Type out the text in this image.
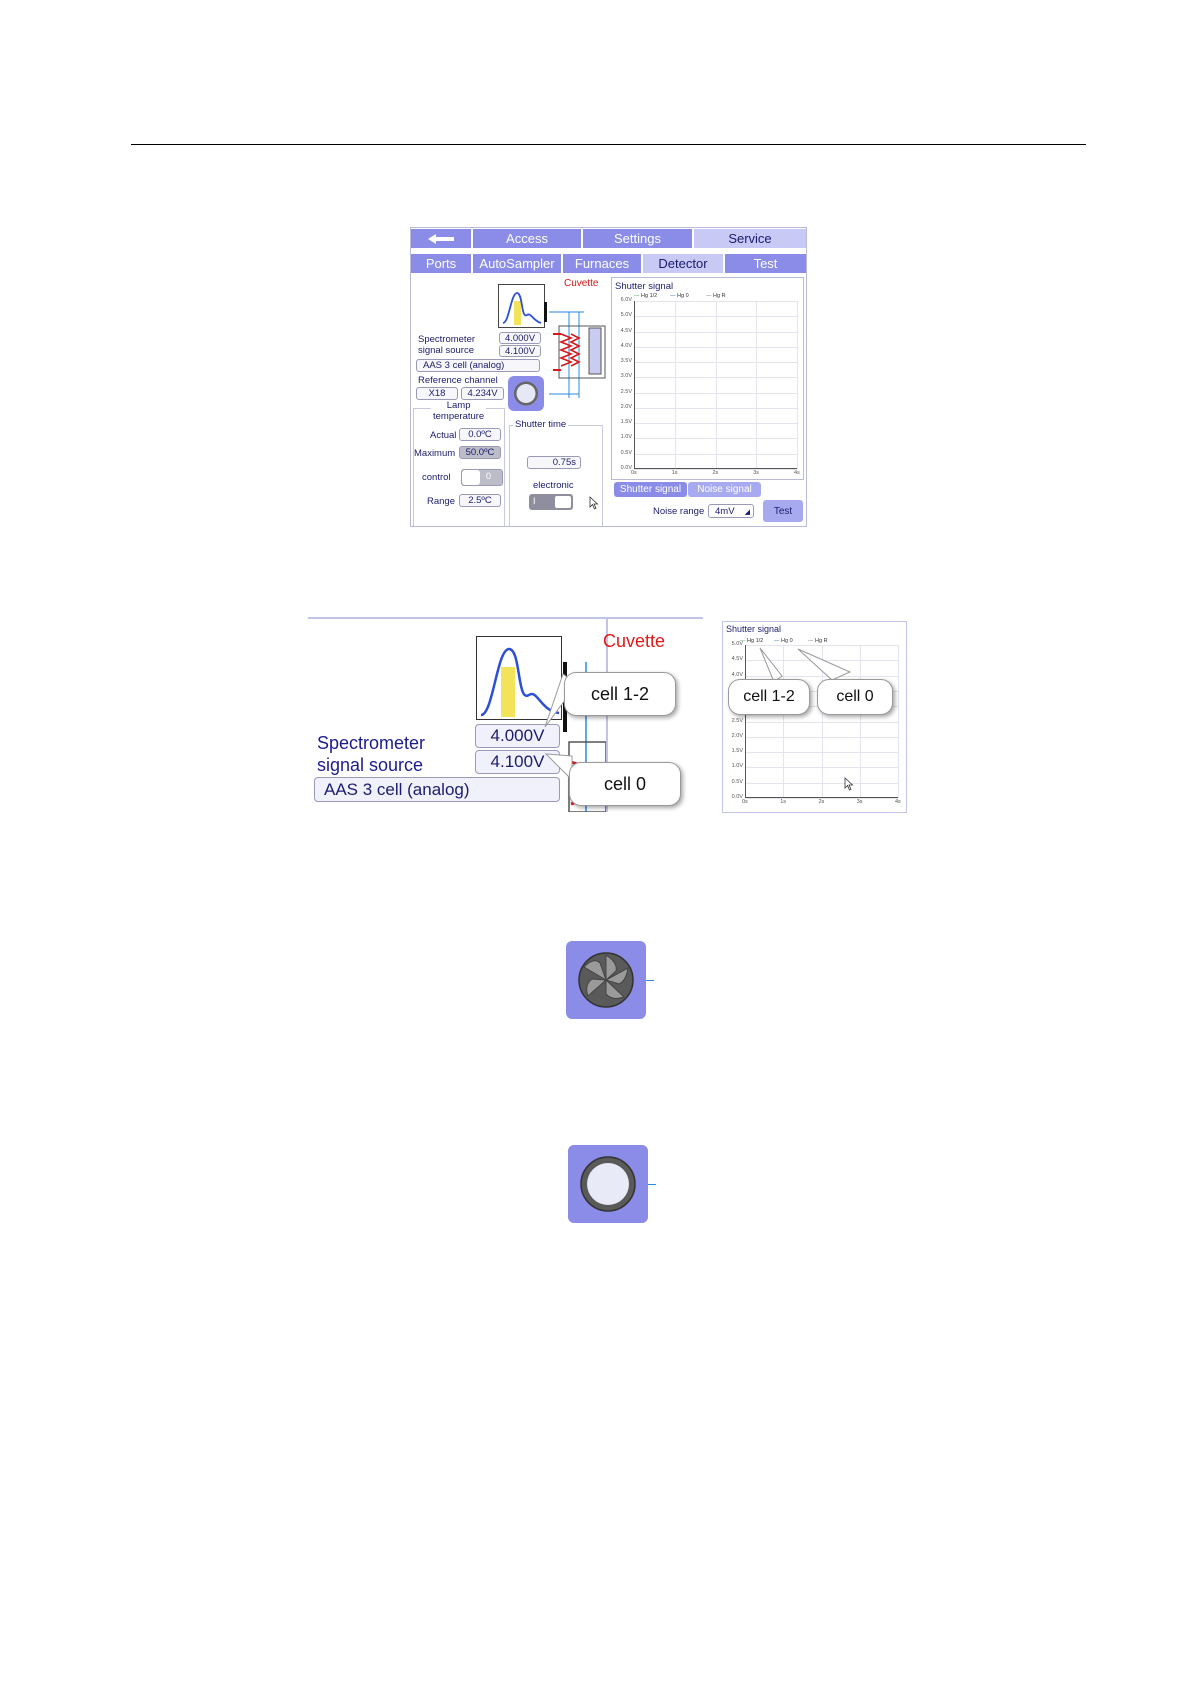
Access	Settings	Service
Ports	AutoSampler	Furnaces	Detector	Test
Cuvette
Spectrometer
signal source
4.000V
4.100V
AAS 3 cell (analog)
Reference channel
X18	4.234V
Lamp
temperature
Actual	0.0ºC
Maximum	50.0ºC
control	0
Range	2.5ºC
Shutter time
0.75s
electronic
I
Shutter signal
6.0V
5.0V
4.5V
4.0V
3.5V
3.0V
2.5V
2.0V
1.5V
1.0V
0.5V
0.0V
0s	1s	2s	3s	4s
— Hg 1/2 — Hg 0	— Hg R
Shutter signal	Noise signal
Noise range 4mV ◢	Test
Cuvette
Spectrometer
signal source
4.000V
4.100V
AAS 3 cell (analog)
cell 1-2
cell 0
Shutter signal
5.0V
4.5V
4.0V
2.5V
2.0V
1.5V
1.0V
0.5V
0.0V
0s	1s	2s	3s	4s
— Hg 1/2 — Hg 0	— Hg R
cell 1-2	cell 0
